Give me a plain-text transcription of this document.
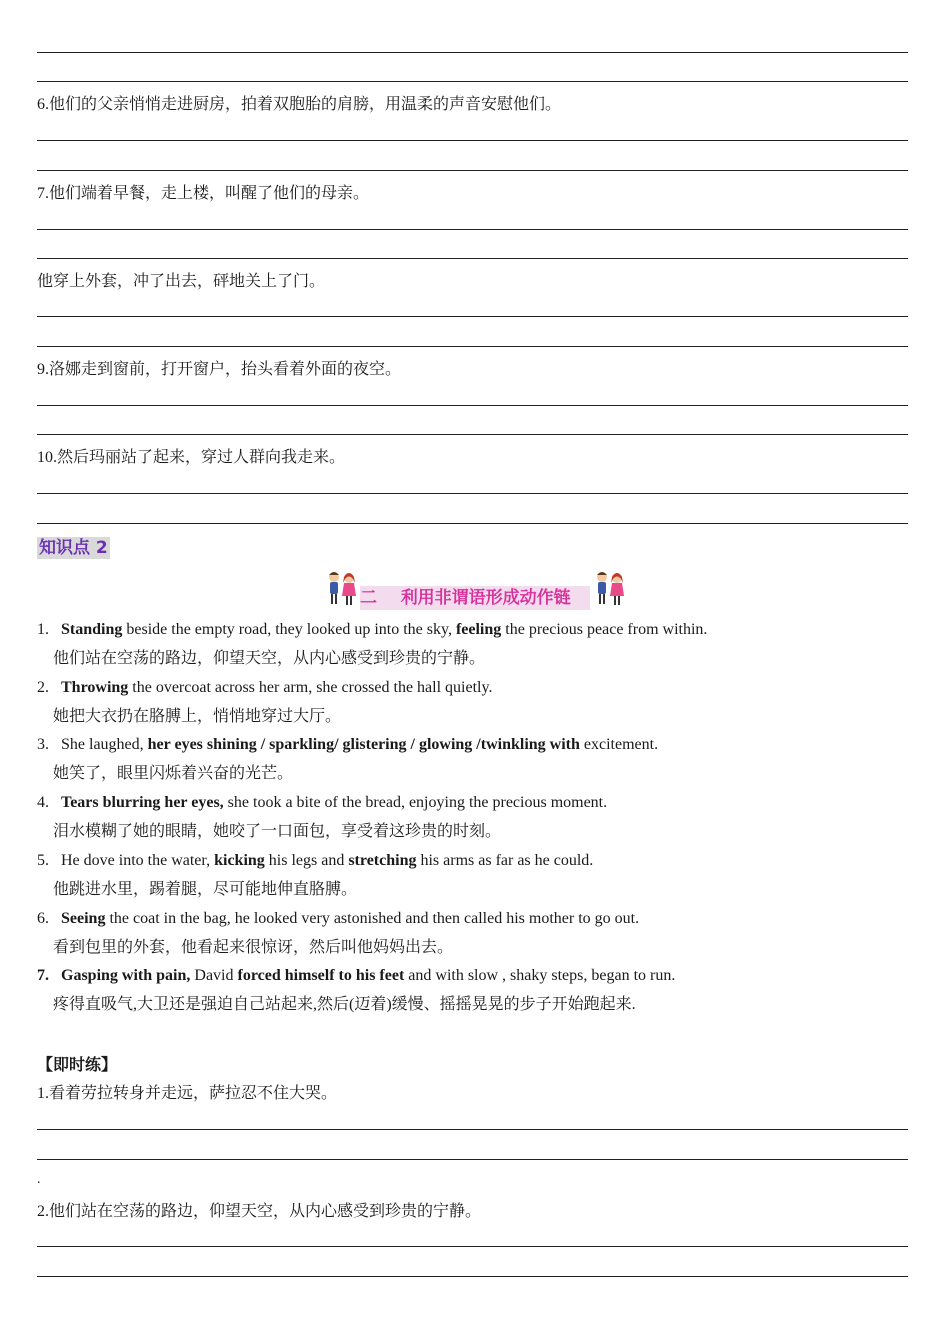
6.他们的父亲悄悄走进厨房，拍着双胞胎的肩膀，用温柔的声音安慰他们。
7.他们端着早餐，走上楼，叫醒了他们的母亲。
他穿上外套，冲了出去，砰地关上了门。
9.洛娜走到窗前，打开窗户，抬头看着外面的夜空。
10.然后玛丽站了起来，穿过人群向我走来。
知识点 2
二 利用非谓语形成动作链
1. Standing beside the empty road, they looked up into the sky, feeling the precious peace from within.
他们站在空荡的路边，仰望天空，从内心感受到珍贵的宁静。
2. Throwing the overcoat across her arm, she crossed the hall quietly.
她把大衣扔在胳膊上，悄悄地穿过大厅。
3. She laughed, her eyes shining / sparkling/ glistering / glowing /twinkling with excitement.
她笑了，眼里闪烁着兴奋的光芒。
4. Tears blurring her eyes, she took a bite of the bread, enjoying the precious moment.
泪水模糊了她的眼睛，她咬了一口面包，享受着这珍贵的时刻。
5. He dove into the water, kicking his legs and stretching his arms as far as he could.
他跳进水里，踢着腿，尽可能地伸直胳膊。
6. Seeing the coat in the bag, he looked very astonished and then called his mother to go out.
看到包里的外套，他看起来很惊讶，然后叫他妈妈出去。
7. Gasping with pain, David forced himself to his feet and with slow , shaky steps, began to run.
疼得直吸气,大卫还是强迫自己站起来,然后(迈着)缓慢、摇摇晃晃的步子开始跑起来.
【即时练】
1.看着劳拉转身并走远，萨拉忍不住大哭。
.
2.他们站在空荡的路边，仰望天空，从内心感受到珍贵的宁静。
